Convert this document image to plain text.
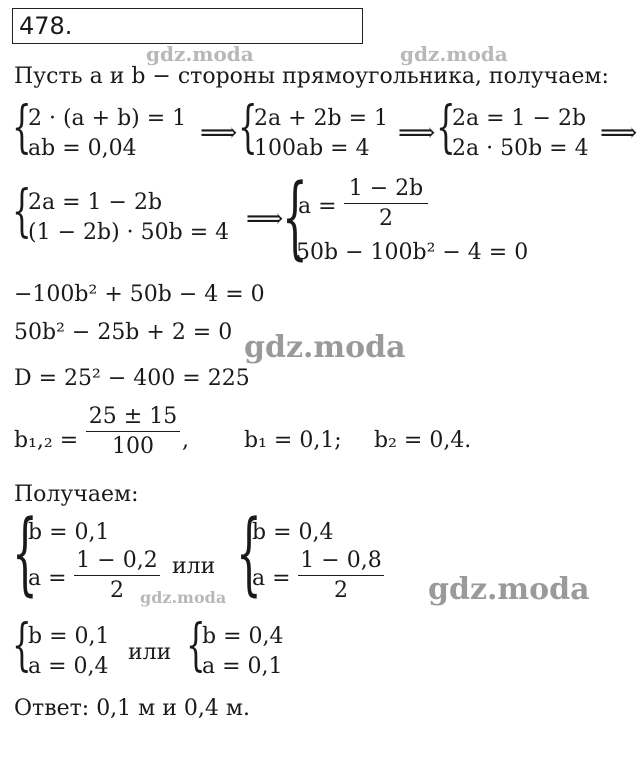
478.
gdz.moda	gdz.moda
gdz.moda
gdz.moda	gdz.moda
Пусть a и b − стороны прямоугольника, получаем:
{
2 · (a + b) = 1
ab = 0,04
⟹ {
2a + 2b = 1
100ab = 4
⟹ {
2a = 1 − 2b
2a · 50b = 4
⟹
{
2a = 1 − 2b
(1 − 2b) · 50b = 4 ⟹
{
a =
1 − 2b
2
50b − 100b² − 4 = 0
−100b² + 50b − 4 = 0
50b² − 25b + 2 = 0
D = 25² − 400 = 225
b₁,₂ =
25 ± 15
100	,	b₁ = 0,1; b₂ = 0,4.
Получаем:
{
b = 0,1
a =
1 − 0,2
2
или {
b = 0,4
a =
1 − 0,8
2
{
b = 0,1
a = 0,4
или {
b = 0,4
a = 0,1
Ответ: 0,1 м и 0,4 м.
